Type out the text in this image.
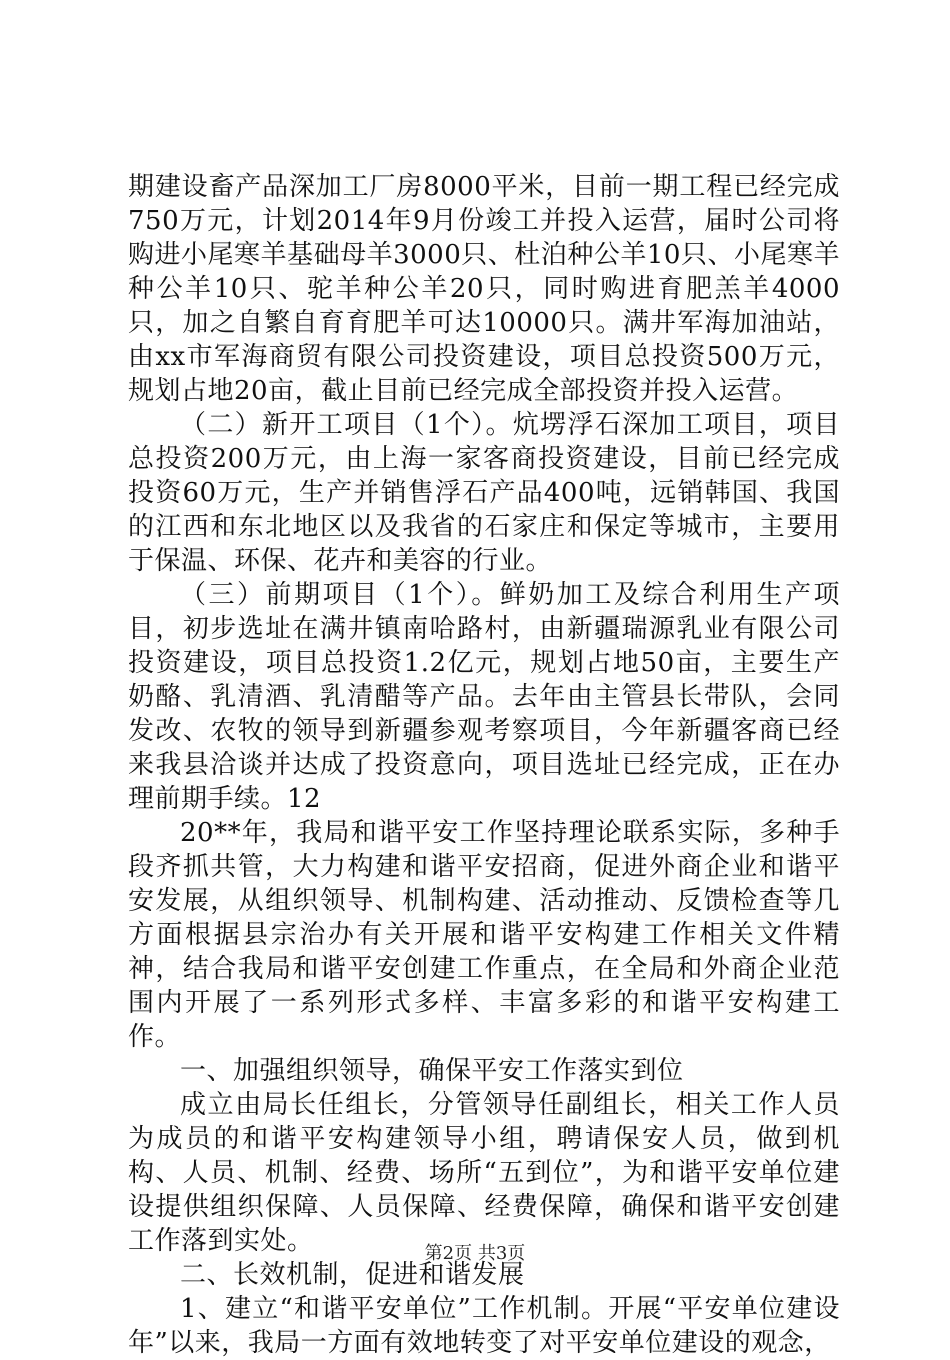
期建设畜产品深加工厂房8000平米，目前一期工程已经完成750万元，计划2014年9月份竣工并投入运营，届时公司将购进小尾寒羊基础母羊3000只、杜泊种公羊10只、小尾寒羊种公羊10只、驼羊种公羊20只，同时购进育肥羔羊4000只，加之自繁自育育肥羊可达10000只。满井军海加油站，由xx市军海商贸有限公司投资建设，项目总投资500万元，规划占地20亩，截止目前已经完成全部投资并投入运营。

（二）新开工项目（1个）。炕塄浮石深加工项目，项目总投资200万元，由上海一家客商投资建设，目前已经完成投资60万元，生产并销售浮石产品400吨，远销韩国、我国的江西和东北地区以及我省的石家庄和保定等城市，主要用于保温、环保、花卉和美容的行业。

（三）前期项目（1个）。鲜奶加工及综合利用生产项目，初步选址在满井镇南哈路村，由新疆瑞源乳业有限公司投资建设，项目总投资1.2亿元，规划占地50亩，主要生产奶酪、乳清酒、乳清醋等产品。去年由主管县长带队，会同发改、农牧的领导到新疆参观考察项目，今年新疆客商已经来我县洽谈并达成了投资意向，项目选址已经完成，正在办理前期手续。12

20**年，我局和谐平安工作坚持理论联系实际，多种手段齐抓共管，大力构建和谐平安招商，促进外商企业和谐平安发展，从组织领导、机制构建、活动推动、反馈检查等几方面根据县宗治办有关开展和谐平安构建工作相关文件精神，结合我局和谐平安创建工作重点，在全局和外商企业范围内开展了一系列形式多样、丰富多彩的和谐平安构建工作。

一、加强组织领导，确保平安工作落实到位

成立由局长任组长，分管领导任副组长，相关工作人员为成员的和谐平安构建领导小组，聘请保安人员，做到机构、人员、机制、经费、场所“五到位”，为和谐平安单位建设提供组织保障、人员保障、经费保障，确保和谐平安创建工作落到实处。

二、长效机制，促进和谐发展

1、建立“和谐平安单位”工作机制。开展“平安单位建设年”以来，我局一方面有效地转变了对平安单位建设的观念，

第2页 共3页
